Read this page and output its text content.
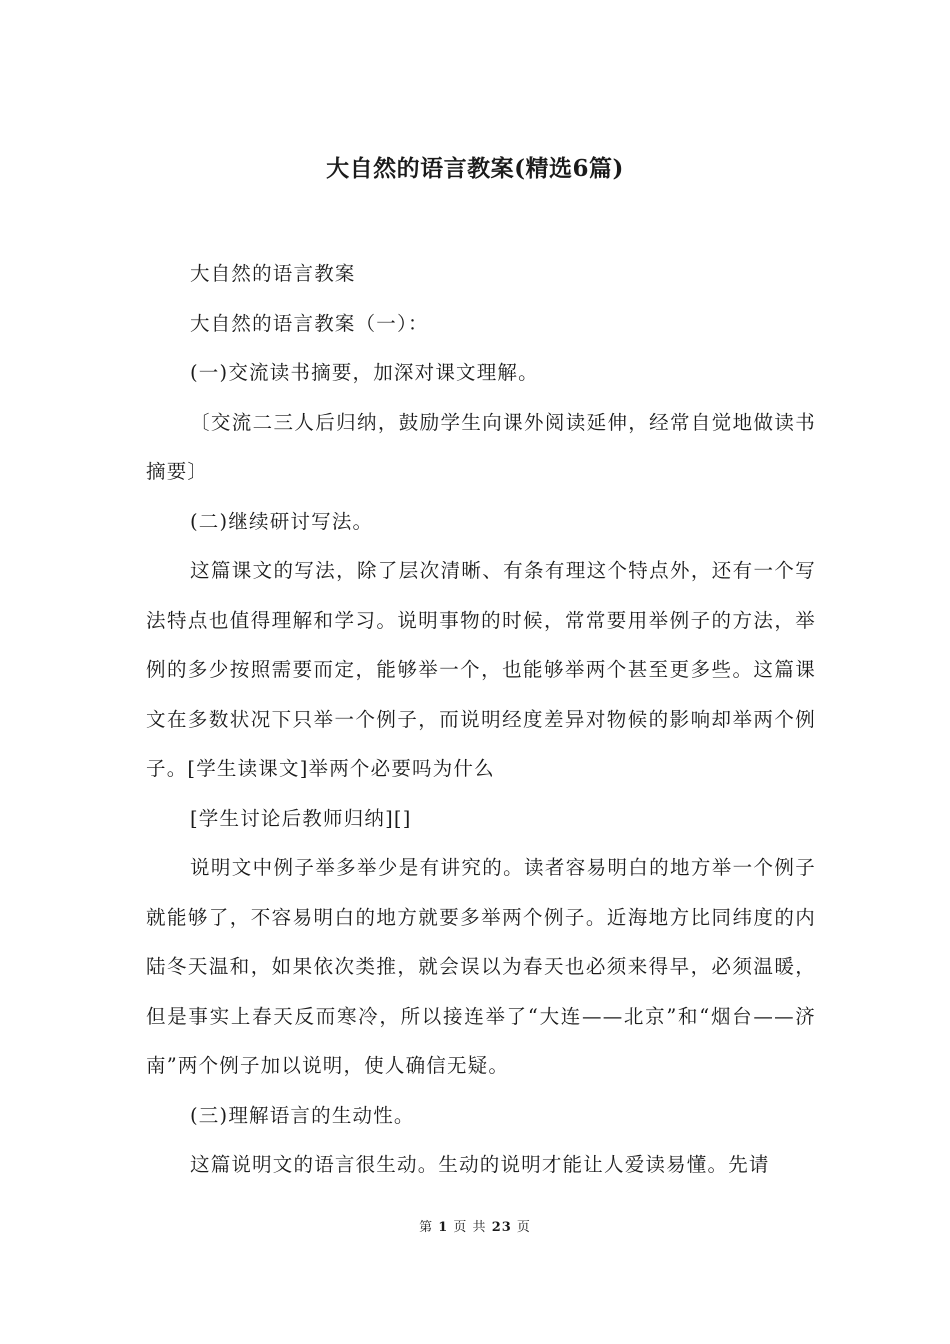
大自然的语言教案(精选6篇)

大自然的语言教案

大自然的语言教案（一）：

(一)交流读书摘要，加深对课文理解。

〔交流二三人后归纳，鼓励学生向课外阅读延伸，经常自觉地做读书摘要〕

(二)继续研讨写法。

这篇课文的写法，除了层次清晰、有条有理这个特点外，还有一个写法特点也值得理解和学习。说明事物的时候，常常要用举例子的方法，举例的多少按照需要而定，能够举一个，也能够举两个甚至更多些。这篇课文在多数状况下只举一个例子，而说明经度差异对物候的影响却举两个例子。[学生读课文]举两个必要吗为什么

[学生讨论后教师归纳][]

说明文中例子举多举少是有讲究的。读者容易明白的地方举一个例子就能够了，不容易明白的地方就要多举两个例子。近海地方比同纬度的内陆冬天温和，如果依次类推，就会误以为春天也必须来得早，必须温暖，但是事实上春天反而寒冷，所以接连举了“大连——北京”和“烟台——济南”两个例子加以说明，使人确信无疑。

(三)理解语言的生动性。

这篇说明文的语言很生动。生动的说明才能让人爱读易懂。先请

第 1 页 共 23 页
